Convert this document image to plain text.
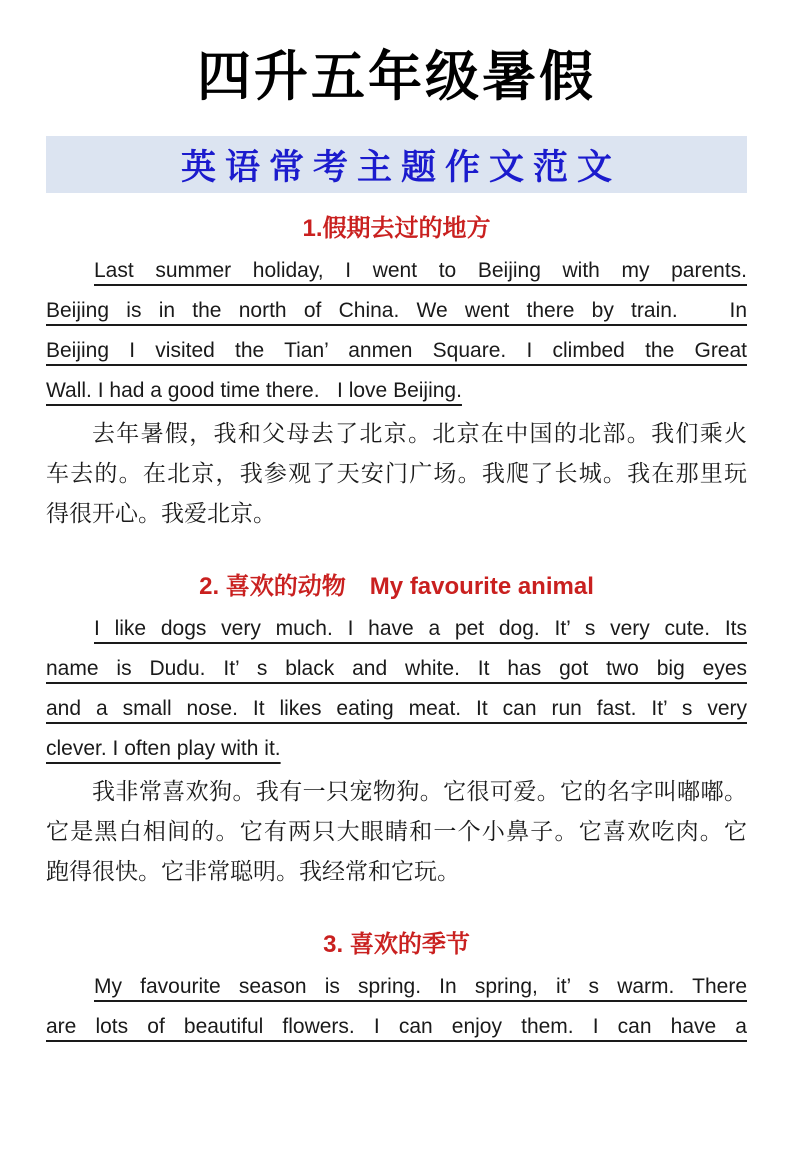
四升五年级暑假
英语常考主题作文范文
1.假期去过的地方
Last summer holiday, I went to Beijing with my parents.
Beijing is in the north of China. We went there by train.   In
Beijing I visited the Tian’ anmen Square. I climbed the Great
Wall. I had a good time there.   I love Beijing.
去年暑假，我和父母去了北京。北京在中国的北部。我们乘火
车去的。在北京，我参观了天安门广场。我爬了长城。我在那里玩
得很开心。我爱北京。
2. 喜欢的动物　My favourite animal
I like dogs very much. I have a pet dog. It’ s very cute. Its
name is Dudu. It’ s black and white. It has got two big eyes
and a small nose. It likes eating meat. It can run fast. It’ s very
clever. I often play with it.
我非常喜欢狗。我有一只宠物狗。它很可爱。它的名字叫嘟嘟。
它是黑白相间的。它有两只大眼睛和一个小鼻子。它喜欢吃肉。它
跑得很快。它非常聪明。我经常和它玩。
3. 喜欢的季节
My favourite season is spring. In spring, it’ s warm. There
are lots of beautiful flowers. I can enjoy them. I can have a
